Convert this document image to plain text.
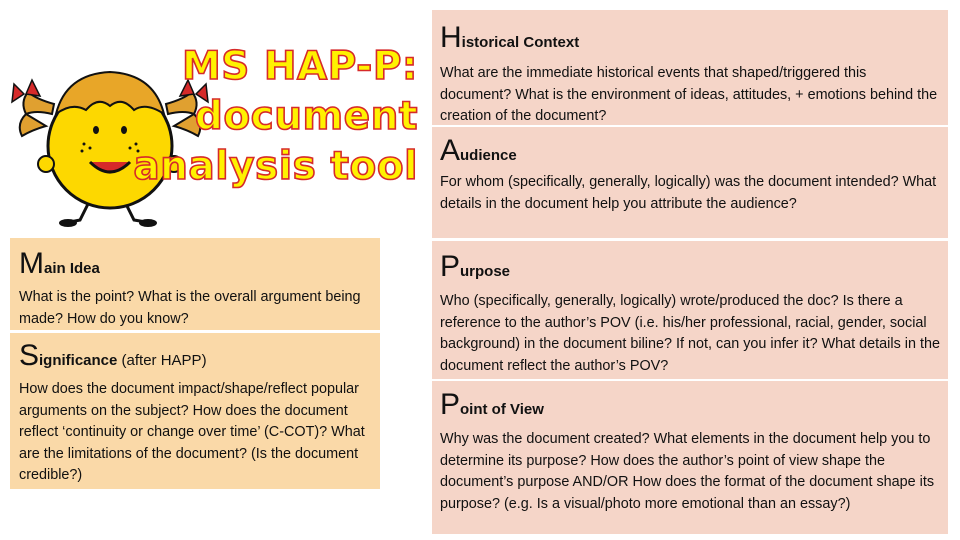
MS HAP-P:
document
analysis tool

Historical Context

What are the immediate historical events that shaped/triggered this document? What is the environment of ideas, attitudes, + emotions behind the creation of the document?

Audience

For whom (specifically, generally, logically) was the document intended? What details in the document help you attribute the audience?

Purpose

Who (specifically, generally, logically) wrote/produced the doc? Is there a reference to the author’s POV (i.e. his/her professional, racial, gender, social background) in the document biline? If not, can you infer it? What details in the document reflect the author’s POV?

Point of View

Why was the document created? What elements in the document help you to determine its purpose? How does the author’s point of view shape the document’s purpose AND/OR How does the format of the document shape its purpose? (e.g. Is a visual/photo more emotional than an essay?)

Main Idea

What is the point? What is the overall argument being made? How do you know?

Significance (after HAPP)

How does the document impact/shape/reflect popular arguments on the subject? How does the document reflect ‘continuity or change over time’ (C-COT)? What are the limitations of the document? (Is the document credible?)
